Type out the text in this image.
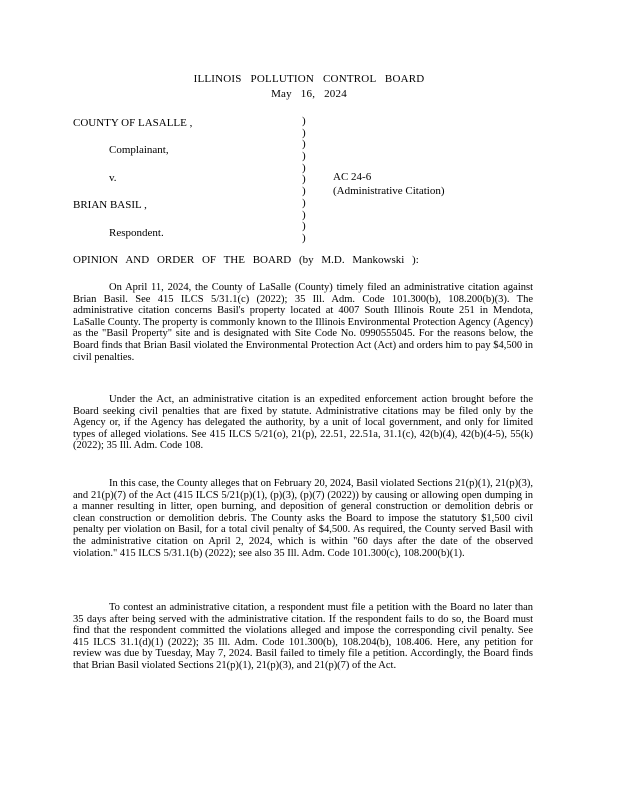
ILLINOIS POLLUTION CONTROL BOARD
May 16, 2024
COUNTY OF LASALLE ,
Complainant,
v.
BRIAN BASIL ,
Respondent.
)
)
)
)
)
)
)
)
)
)
)
AC 24-6
(Administrative Citation)
OPINION AND ORDER OF THE BOARD (by M.D. Mankowski ):

On April 11, 2024, the County of LaSalle (County) timely filed an administrative citation against Brian Basil. See 415 ILCS 5/31.1(c) (2022); 35 Ill. Adm. Code 101.300(b), 108.200(b)(3). The administrative citation concerns Basil's property located at 4007 South Illinois Route 251 in Mendota, LaSalle County. The property is commonly known to the Illinois Environmental Protection Agency (Agency) as the "Basil Property" site and is designated with Site Code No. 0990555045. For the reasons below, the Board finds that Brian Basil violated the Environmental Protection Act (Act) and orders him to pay $4,500 in civil penalties.

Under the Act, an administrative citation is an expedited enforcement action brought before the Board seeking civil penalties that are fixed by statute. Administrative citations may be filed only by the Agency or, if the Agency has delegated the authority, by a unit of local government, and only for limited types of alleged violations. See 415 ILCS 5/21(o), 21(p), 22.51, 22.51a, 31.1(c), 42(b)(4), 42(b)(4-5), 55(k) (2022); 35 Ill. Adm. Code 108.

In this case, the County alleges that on February 20, 2024, Basil violated Sections 21(p)(1), 21(p)(3), and 21(p)(7) of the Act (415 ILCS 5/21(p)(1), (p)(3), (p)(7) (2022)) by causing or allowing open dumping in a manner resulting in litter, open burning, and deposition of general construction or demolition debris or clean construction or demolition debris. The County asks the Board to impose the statutory $1,500 civil penalty per violation on Basil, for a total civil penalty of $4,500. As required, the County served Basil with the administrative citation on April 2, 2024, which is within "60 days after the date of the observed violation." 415 ILCS 5/31.1(b) (2022); see also 35 Ill. Adm. Code 101.300(c), 108.200(b)(1).

To contest an administrative citation, a respondent must file a petition with the Board no later than 35 days after being served with the administrative citation. If the respondent fails to do so, the Board must find that the respondent committed the violations alleged and impose the corresponding civil penalty. See 415 ILCS 31.1(d)(1) (2022); 35 Ill. Adm. Code 101.300(b), 108.204(b), 108.406. Here, any petition for review was due by Tuesday, May 7, 2024. Basil failed to timely file a petition. Accordingly, the Board finds that Brian Basil violated Sections 21(p)(1), 21(p)(3), and 21(p)(7) of the Act.
